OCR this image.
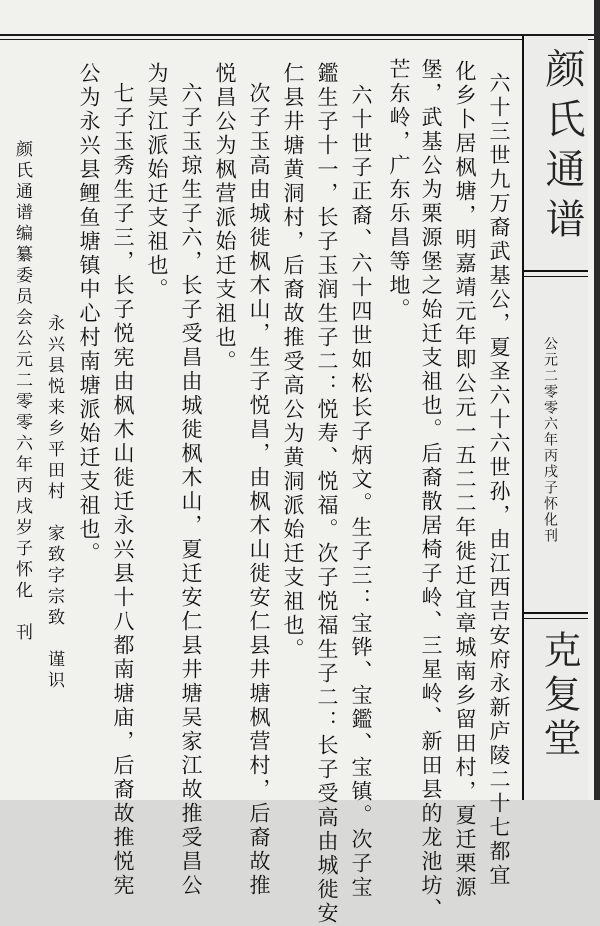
颜氏通谱
公元二零零六年丙戌子怀化刊
克复堂
六十三世九万裔武基公，夏圣六十六世孙，由江西吉安府永新庐陵二十七都宜
化乡卜居枫塘，明嘉靖元年即公元一五二二年徙迁宜章城南乡留田村，夏迁栗源
堡，武基公为栗源堡之始迁支祖也。后裔散居椅子岭、三星岭、新田县的龙池坊、
芒东岭，广东乐昌等地。
六十世子正裔、六十四世如松长子炳文。生子三：宝铧、宝鑑、宝镇。次子宝
鑑生子十一，长子玉润生子二：悦寿、悦福。次子悦福生子二：长子受高由城徙安
仁县井塘黄洞村，后裔故推受高公为黄洞派始迁支祖也。
次子玉高由城徙枫木山，生子悦昌，由枫木山徙安仁县井塘枫营村，后裔故推
悦昌公为枫营派始迁支祖也。
六子玉琼生子六，长子受昌由城徙枫木山，夏迁安仁县井塘吴家江故推受昌公
为吴江派始迁支祖也。
七子玉秀生子三，长子悦宪由枫木山徙迁永兴县十八都南塘庙，后裔故推悦宪
公为永兴县鲤鱼塘镇中心村南塘派始迁支祖也。
永兴县悦来乡平田村　家致字宗致　谨识
颜氏通谱编纂委员会公元二零零六年丙戌岁子怀化　刊
